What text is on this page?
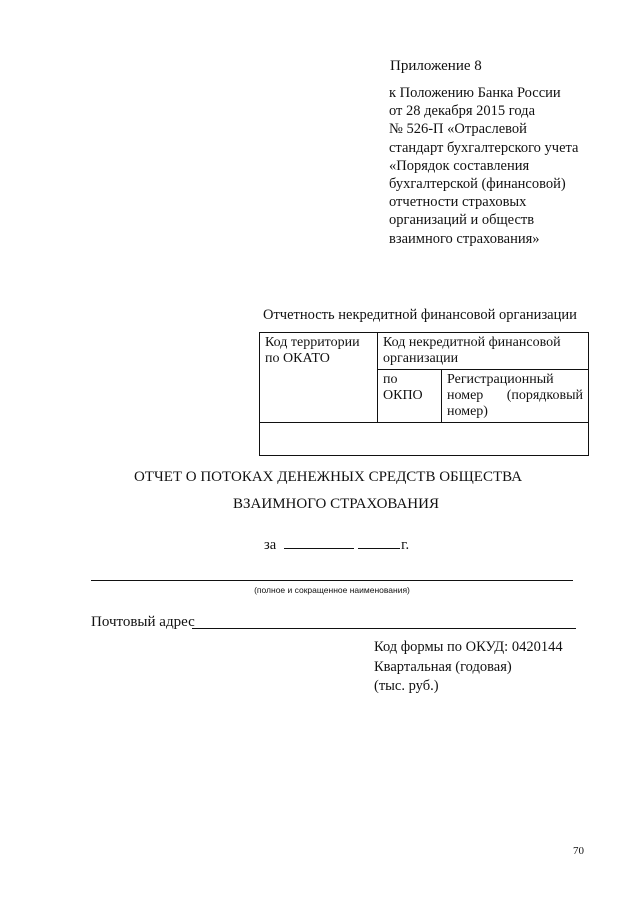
Приложение 8
к Положению Банка России
от 28 декабря 2015 года
№ 526-П «Отраслевой
стандарт бухгалтерского учета
«Порядок составления
бухгалтерской (финансовой)
отчетности страховых
организаций и обществ
взаимного страхования»
Отчетность некредитной финансовой организации
Код территории по ОКАТО	Код некредитной финансовой организации	
	по ОКПО	Регистрационный номер (порядковый номер)

ОТЧЕТ О ПОТОКАХ ДЕНЕЖНЫХ СРЕДСТВ ОБЩЕСТВА
ВЗАИМНОГО СТРАХОВАНИЯ
за	г.
(полное и сокращенное наименования)
Почтовый адрес
Код формы по ОКУД: 0420144
Квартальная (годовая)
(тыс. руб.)
70
